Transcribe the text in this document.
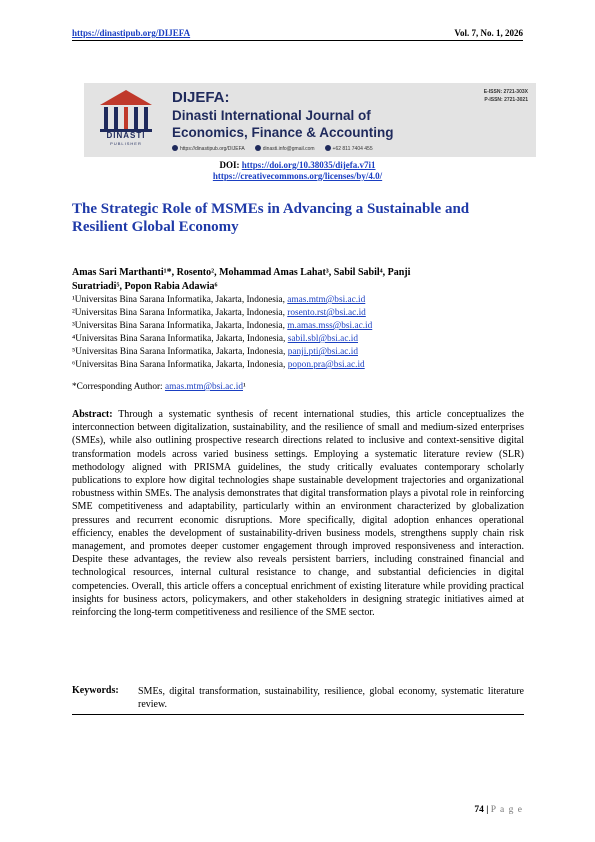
https://dinastipub.org/DIJEFA	Vol. 7, No. 1, 2026
DINASTI
PUBLISHER
DIJEFA:
Dinasti International Journal of
Economics, Finance & Accounting
E-ISSN: 2721-303X
P-ISSN: 2721-3021
https://dinastipub.org/DIJEFA	dinasti.info@gmail.com	+62 811 7404 455
DOI: https://doi.org/10.38035/dijefa.v7i1
https://creativecommons.org/licenses/by/4.0/
The Strategic Role of MSMEs in Advancing a Sustainable and Resilient Global Economy
Amas Sari Marthanti¹*, Rosento², Mohammad Amas Lahat³, Sabil Sabil⁴, Panji
Suratriadi⁵, Popon Rabia Adawia⁶
¹Universitas Bina Sarana Informatika, Jakarta, Indonesia, amas.mtm@bsi.ac.id
²Universitas Bina Sarana Informatika, Jakarta, Indonesia, rosento.rst@bsi.ac.id
³Universitas Bina Sarana Informatika, Jakarta, Indonesia, m.amas.mss@bsi.ac.id
⁴Universitas Bina Sarana Informatika, Jakarta, Indonesia, sabil.sbl@bsi.ac.id
⁵Universitas Bina Sarana Informatika, Jakarta, Indonesia, panji.pti@bsi.ac.id
⁶Universitas Bina Sarana Informatika, Jakarta, Indonesia, popon.pra@bsi.ac.id
*Corresponding Author: amas.mtm@bsi.ac.id¹
Abstract: Through a systematic synthesis of recent international studies, this article conceptualizes the interconnection between digitalization, sustainability, and the resilience of small and medium-sized enterprises (SMEs), while also outlining prospective research directions related to inclusive and context-sensitive digital transformation models across varied business settings. Employing a systematic literature review (SLR) methodology aligned with PRISMA guidelines, the study critically evaluates contemporary scholarly publications to explore how digital technologies shape sustainable development trajectories and organizational robustness within SMEs. The analysis demonstrates that digital transformation plays a pivotal role in reinforcing SME competitiveness and adaptability, particularly within an environment characterized by globalization pressures and recurrent economic disruptions. More specifically, digital adoption enhances operational efficiency, enables the development of sustainability-driven business models, strengthens supply chain risk management, and promotes deeper customer engagement through improved responsiveness and interaction. Despite these advantages, the review also reveals persistent barriers, including constrained financial and technological resources, internal cultural resistance to change, and substantial deficiencies in digital competencies. Overall, this article offers a conceptual enrichment of existing literature while providing practical insights for business actors, policymakers, and other stakeholders in designing strategic initiatives aimed at reinforcing the long-term competitiveness and resilience of the SME sector.
Keywords: SMEs, digital transformation, sustainability, resilience, global economy, systematic literature review.
74 | P a g e
